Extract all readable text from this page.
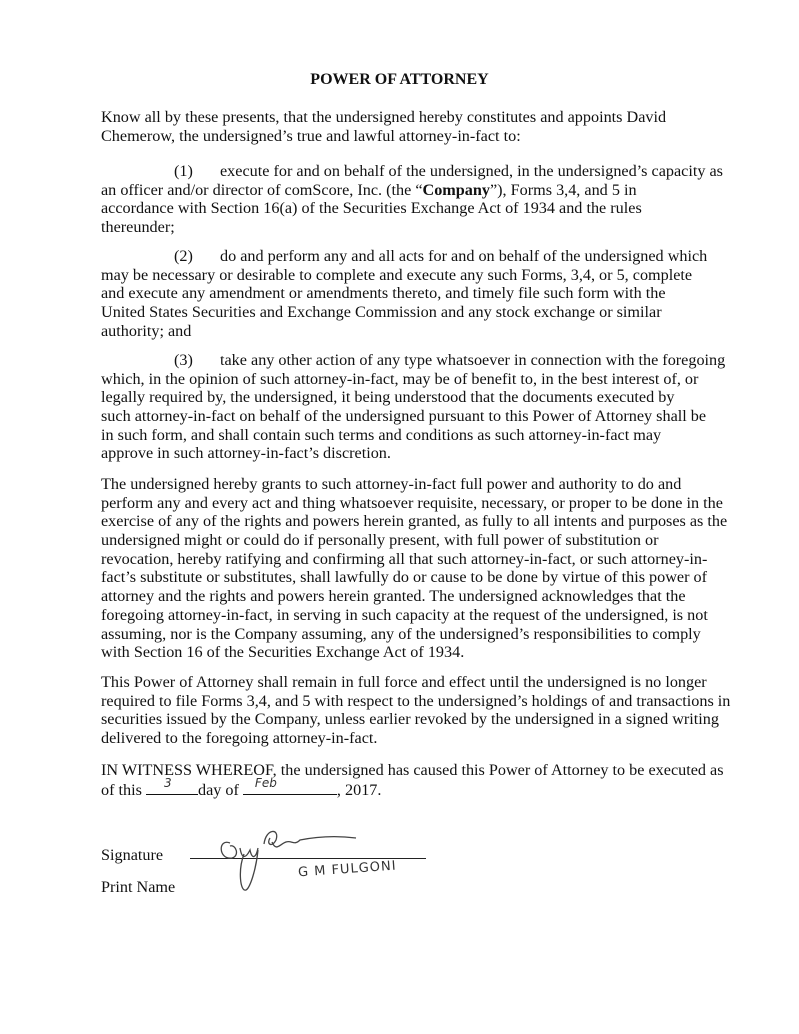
POWER OF ATTORNEY
Know all by these presents, that the undersigned hereby constitutes and appoints David
Chemerow, the undersigned’s true and lawful attorney-in-fact to:
(1) execute for and on behalf of the undersigned, in the undersigned’s capacity as
an officer and/or director of comScore, Inc. (the “Company”), Forms 3,4, and 5 in
accordance with Section 16(a) of the Securities Exchange Act of 1934 and the rules
thereunder;
(2) do and perform any and all acts for and on behalf of the undersigned which
may be necessary or desirable to complete and execute any such Forms, 3,4, or 5, complete
and execute any amendment or amendments thereto, and timely file such form with the
United States Securities and Exchange Commission and any stock exchange or similar
authority; and
(3) take any other action of any type whatsoever in connection with the foregoing
which, in the opinion of such attorney-in-fact, may be of benefit to, in the best interest of, or
legally required by, the undersigned, it being understood that the documents executed by
such attorney-in-fact on behalf of the undersigned pursuant to this Power of Attorney shall be
in such form, and shall contain such terms and conditions as such attorney-in-fact may
approve in such attorney-in-fact’s discretion.
The undersigned hereby grants to such attorney-in-fact full power and authority to do and
perform any and every act and thing whatsoever requisite, necessary, or proper to be done in the
exercise of any of the rights and powers herein granted, as fully to all intents and purposes as the
undersigned might or could do if personally present, with full power of substitution or
revocation, hereby ratifying and confirming all that such attorney-in-fact, or such attorney-in-
fact’s substitute or substitutes, shall lawfully do or cause to be done by virtue of this power of
attorney and the rights and powers herein granted. The undersigned acknowledges that the
foregoing attorney-in-fact, in serving in such capacity at the request of the undersigned, is not
assuming, nor is the Company assuming, any of the undersigned’s responsibilities to comply
with Section 16 of the Securities Exchange Act of 1934.
This Power of Attorney shall remain in full force and effect until the undersigned is no longer
required to file Forms 3,4, and 5 with respect to the undersigned’s holdings of and transactions in
securities issued by the Company, unless earlier revoked by the undersigned in a signed writing
delivered to the foregoing attorney-in-fact.
IN WITNESS WHEREOF, the undersigned has caused this Power of Attorney to be executed as
of this 3 day of Feb	, 2017.
Signature
Print Name
G M FULGONI
